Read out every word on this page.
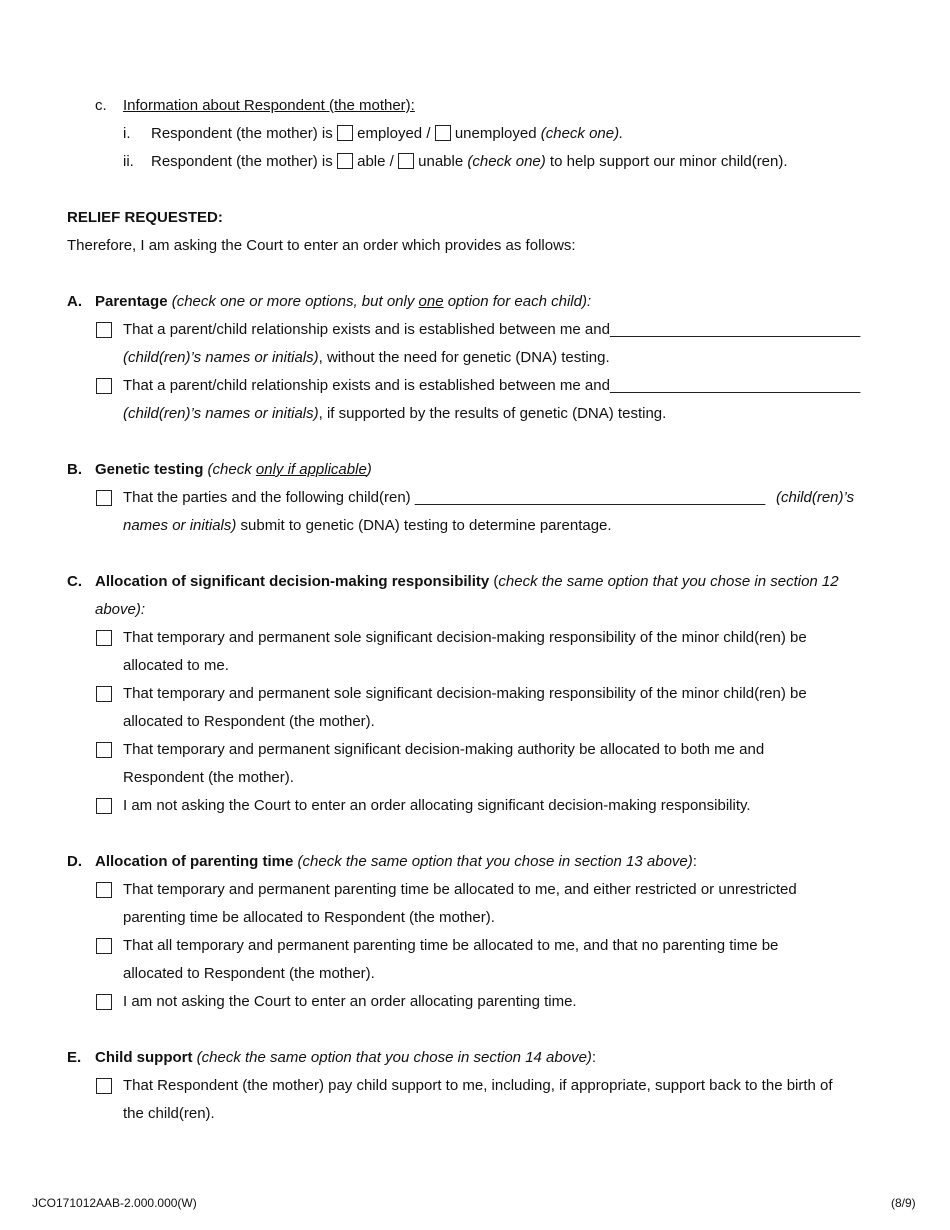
c. Information about Respondent (the mother):
i. Respondent (the mother) is employed / unemployed (check one).
ii. Respondent (the mother) is able / unable (check one) to help support our minor child(ren).
RELIEF REQUESTED:
Therefore, I am asking the Court to enter an order which provides as follows:
A. Parentage (check one or more options, but only one option for each child):
That a parent/child relationship exists and is established between me and______________________________
(child(ren)’s names or initials), without the need for genetic (DNA) testing.
That a parent/child relationship exists and is established between me and______________________________
(child(ren)’s names or initials), if supported by the results of genetic (DNA) testing.
B. Genetic testing (check only if applicable)
That the parties and the following child(ren) __________________________________________ (child(ren)’s
names or initials) submit to genetic (DNA) testing to determine parentage.
C. Allocation of significant decision-making responsibility (check the same option that you chose in section 12
above):
That temporary and permanent sole significant decision-making responsibility of the minor child(ren) be
allocated to me.
That temporary and permanent sole significant decision-making responsibility of the minor child(ren) be
allocated to Respondent (the mother).
That temporary and permanent significant decision-making authority be allocated to both me and
Respondent (the mother).
I am not asking the Court to enter an order allocating significant decision-making responsibility.
D. Allocation of parenting time (check the same option that you chose in section 13 above):
That temporary and permanent parenting time be allocated to me, and either restricted or unrestricted
parenting time be allocated to Respondent (the mother).
That all temporary and permanent parenting time be allocated to me, and that no parenting time be
allocated to Respondent (the mother).
I am not asking the Court to enter an order allocating parenting time.
E. Child support (check the same option that you chose in section 14 above):
That Respondent (the mother) pay child support to me, including, if appropriate, support back to the birth of
the child(ren).
JCO171012AAB-2.000.000(W)	(8/9)
